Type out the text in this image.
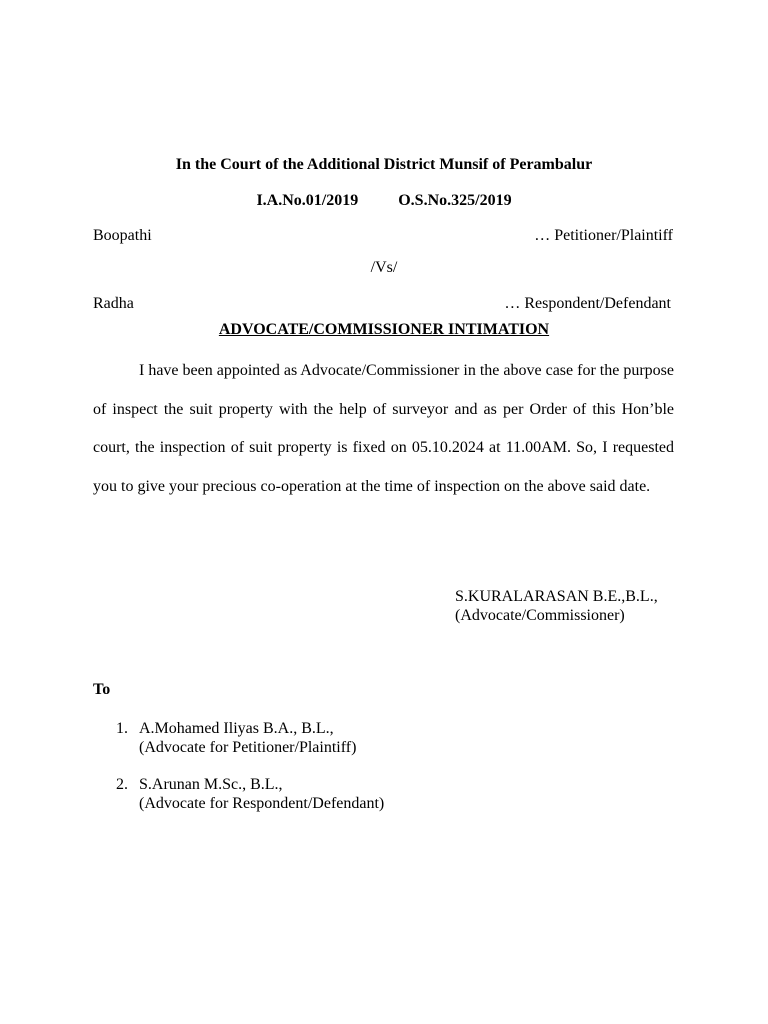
In the Court of the Additional District Munsif of Perambalur
I.A.No.01/2019	O.S.No.325/2019
Boopathi	… Petitioner/Plaintiff
/Vs/
Radha	… Respondent/Defendant
ADVOCATE/COMMISSIONER INTIMATION
I have been appointed as Advocate/Commissioner in the above case for the purpose of inspect the suit property with the help of surveyor and as per Order of this Hon’ble court, the inspection of suit property is fixed on 05.10.2024 at 11.00AM. So, I requested you to give your precious co-operation at the time of inspection on the above said date.
S.KURALARASAN B.E.,B.L.,
(Advocate/Commissioner)
To
1. A.Mohamed Iliyas B.A., B.L.,
(Advocate for Petitioner/Plaintiff)
2. S.Arunan M.Sc., B.L.,
(Advocate for Respondent/Defendant)
